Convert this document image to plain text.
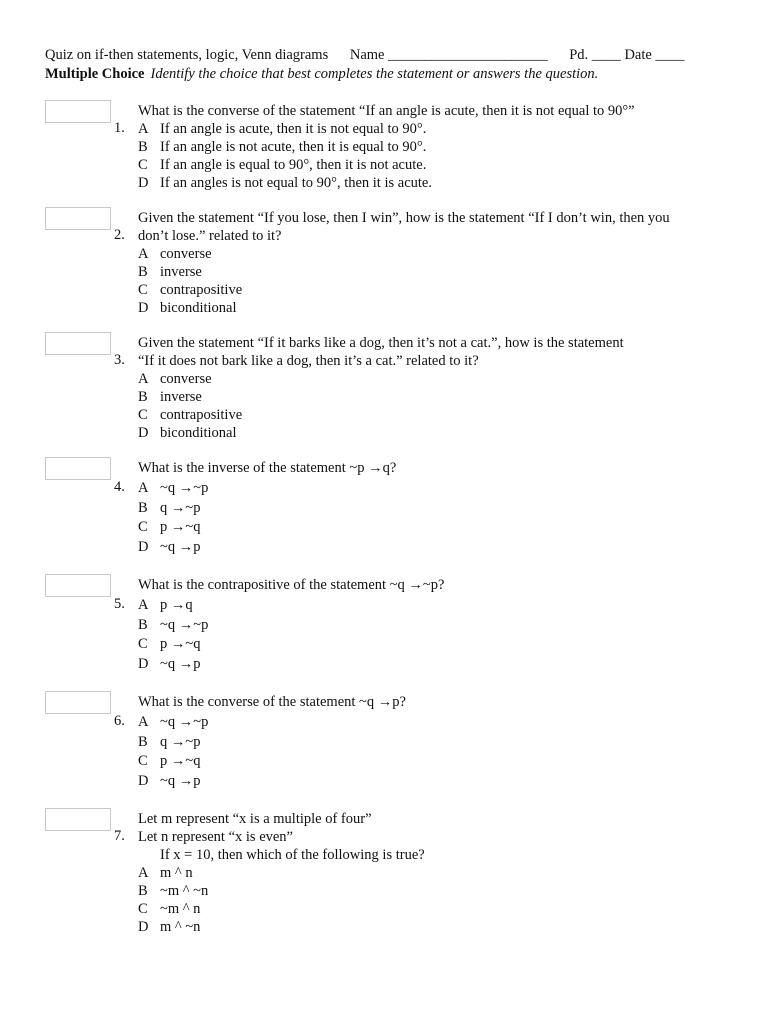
Quiz on if-then statements, logic, Venn diagrams Name ______________________ Pd. ____ Date ____
Multiple Choice Identify the choice that best completes the statement or answers the question.
1.
What is the converse of the statement “If an angle is acute, then it is not equal to 90°”
A If an angle is acute, then it is not equal to 90°.
B If an angle is not acute, then it is equal to 90°.
C If an angle is equal to 90°, then it is not acute.
D If an angles is not equal to 90°, then it is acute.
2.
Given the statement “If you lose, then I win”, how is the statement “If I don’t win, then you
don’t lose.” related to it?
A converse
B inverse
C contrapositive
D biconditional
3.
Given the statement “If it barks like a dog, then it’s not a cat.”, how is the statement
“If it does not bark like a dog, then it’s a cat.” related to it?
A converse
B inverse
C contrapositive
D biconditional
4.
What is the inverse of the statement ~p →q?
A ~q →~p
B q →~p
C p →~q
D ~q →p
5.
What is the contrapositive of the statement ~q →~p?
A p →q
B ~q →~p
C p →~q
D ~q →p
6.
What is the converse of the statement ~q →p?
A ~q →~p
B q →~p
C p →~q
D ~q →p
7.
Let m represent “x is a multiple of four”
Let n represent “x is even”
If x = 10, then which of the following is true?
A m ^ n
B ~m ^ ~n
C ~m ^ n
D m ^ ~n
